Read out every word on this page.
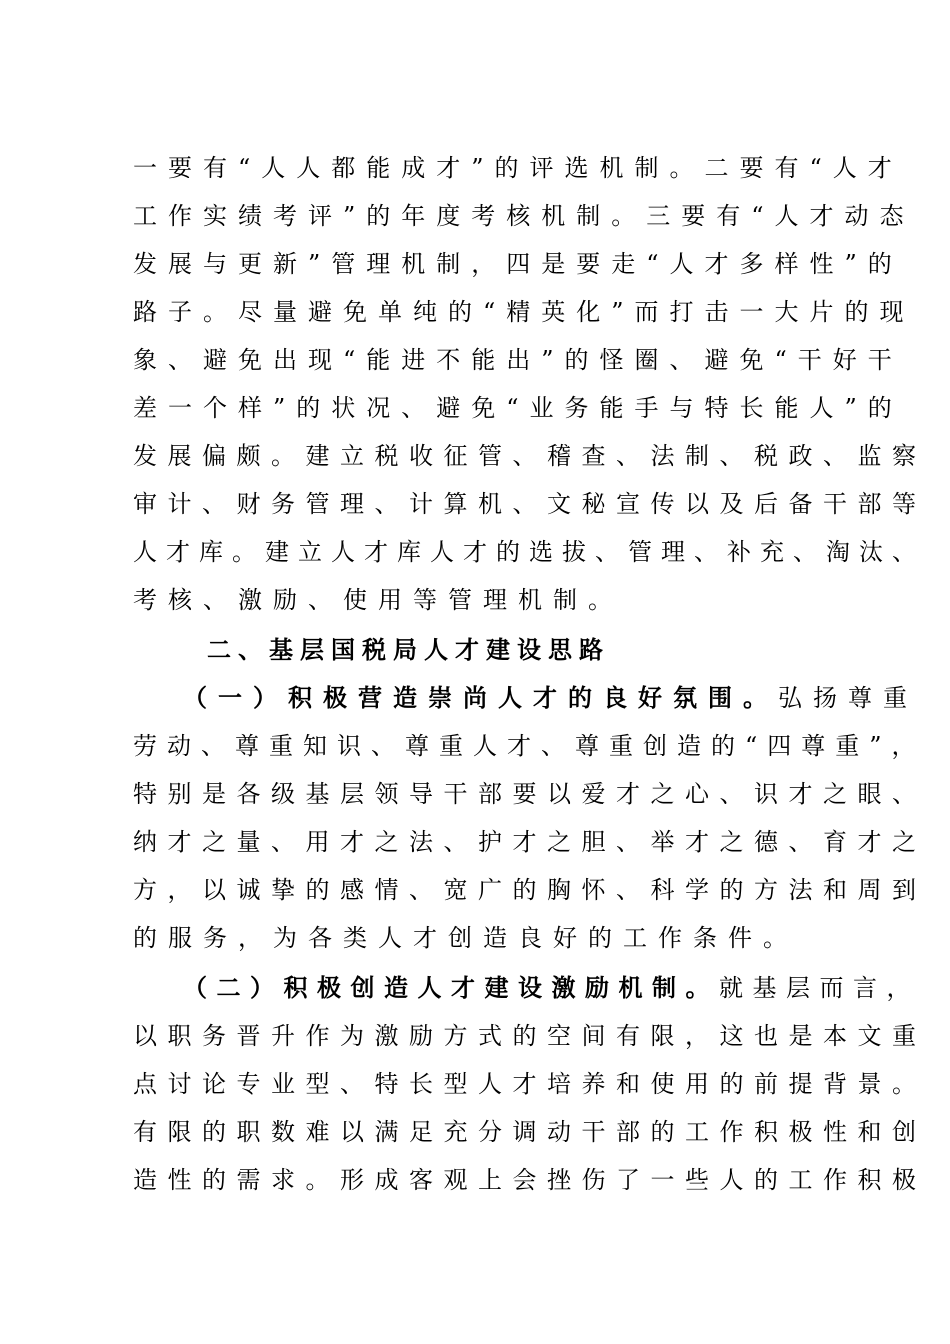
一要有“人人都能成才”的评选机制。二要有“人才
工作实绩考评”的年度考核机制。三要有“人才动态
发展与更新”管理机制，四是要走“人才多样性”的
路子。尽量避免单纯的“精英化”而打击一大片的现
象、避免出现“能进不能出”的怪圈、避免“干好干
差一个样”的状况、避免“业务能手与特长能人”的
发展偏颇。建立税收征管、稽查、法制、税政、监察
审计、财务管理、计算机、文秘宣传以及后备干部等
人才库。建立人才库人才的选拔、管理、补充、淘汰、
考核、激励、使用等管理机制。
二、基层国税局人才建设思路
（一）积极营造崇尚人才的良好氛围。弘扬尊重
劳动、尊重知识、尊重人才、尊重创造的“四尊重”，
特别是各级基层领导干部要以爱才之心、识才之眼、
纳才之量、用才之法、护才之胆、举才之德、育才之
方，以诚挚的感情、宽广的胸怀、科学的方法和周到
的服务，为各类人才创造良好的工作条件。
（二）积极创造人才建设激励机制。就基层而言，
以职务晋升作为激励方式的空间有限，这也是本文重
点讨论专业型、特长型人才培养和使用的前提背景。
有限的职数难以满足充分调动干部的工作积极性和创
造性的需求。形成客观上会挫伤了一些人的工作积极
